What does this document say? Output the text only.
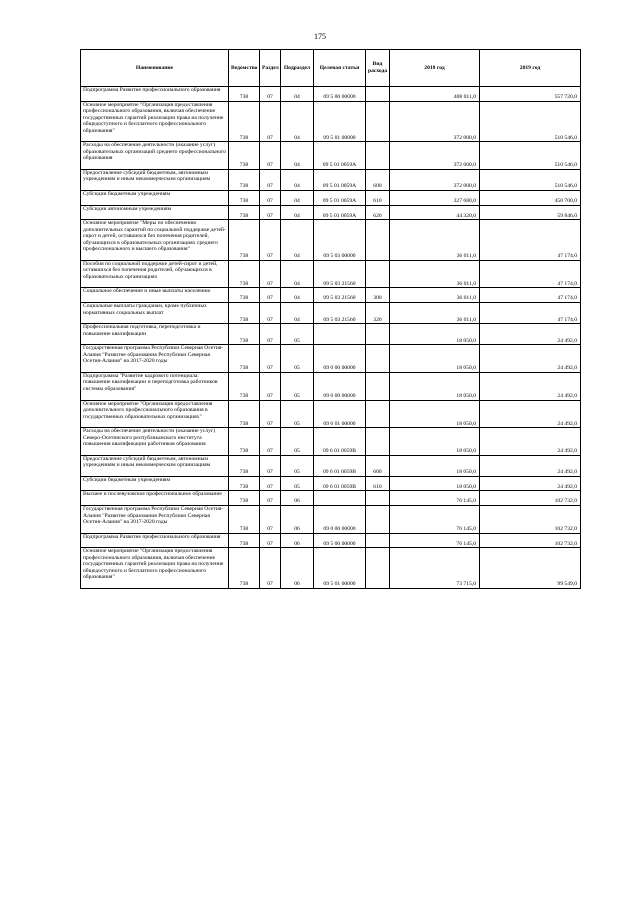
175
Наименование	Ведомство	Раздел	Подраздел	Целевая статья	Вид расхода	2018 год	2019 год
Подпрограмма Развитие профессионального образования	738	07	04	09 5 00 00000		408 011,0	557 720,0
Основное мероприятие "Организация предоставления профессионального образования, включая обеспечение государственных гарантий реализации права на получение общедоступного и бесплатного профессионального образования"	738	07	04	09 5 01 00000		372 000,0	510 546,0
Расходы на обеспечение деятельности (оказание услуг) образовательных организаций среднего профессионального образования	738	07	04	09 5 01 0059A		372 000,0	510 546,0
Предоставление субсидий бюджетным, автономным учреждениям и иным некоммерческим организациям	738	07	04	09 5 01 0059A	600	372 000,0	510 546,0
Субсидии бюджетным учреждениям	738	07	04	09 5 01 0059A	610	327 680,0	450 700,0
Субсидии автономным учреждениям	738	07	04	09 5 01 0059A	620	44 320,0	59 846,0
Основное мероприятие "Меры по обеспечению дополнительных гарантий по социальной поддержке детей-сирот и детей, оставшихся без попечения родителей, обучающихся в образовательных организациях среднего профессионального и высшего образования"	738	07	04	09 5 03 00000		36 011,0	47 174,0
Пособия по социальной поддержке детей-сирот и детей, оставшихся без попечения родителей, обучающихся в образовательных организациях	738	07	04	09 5 03 21560		36 011,0	47 174,0
Социальное обеспечение и иные выплаты населению	738	07	04	09 5 03 21560	300	36 011,0	47 174,0
Социальные выплаты гражданам, кроме публичных нормативных социальных выплат	738	07	04	09 5 03 21560	320	36 011,0	47 174,0
Профессиональная подготовка, переподготовка и повышение квалификации	738	07	05			18 050,0	24 492,0
Государственная программа Республики Северная Осетия-Алания "Развитие образования Республики Северная Осетия-Алания" на 2017-2020 годы	738	07	05	09 0 00 00000		18 050,0	24 492,0
Подпрограмма "Развитие кадрового потенциала: повышение квалификации и переподготовка работников системы образования"	738	07	05	09 6 00 00000		18 050,0	24 492,0
Основное мероприятие "Организация предоставления дополнительного профессионального образования в государственных образовательных организациях"	738	07	05	09 6 01 00000		18 050,0	24 492,0
Расходы на обеспечение деятельности (оказание услуг) Северо-Осетинского республиканского института повышения квалификации работников образования	738	07	05	09 6 01 0059B		18 050,0	24 492,0
Предоставление субсидий бюджетным, автономным учреждениям и иным некоммерческим организациям	738	07	05	09 6 01 0059B	600	18 050,0	24 492,0
Субсидии бюджетным учреждениям	738	07	05	09 6 01 0059B	610	18 050,0	24 492,0
Высшее и послевузовское профессиональное образование	738	07	06			76 145,0	102 732,0
Государственная программа Республики Северная Осетия-Алания "Развитие образования Республики Северная Осетия-Алания" на 2017-2020 годы	738	07	06	09 0 00 00000		76 145,0	102 732,0
Подпрограмма Развитие профессионального образования	738	07	06	09 5 00 00000		76 145,0	102 732,0
Основное мероприятие "Организация предоставления профессионального образования, включая обеспечение государственных гарантий реализации права на получение общедоступного и бесплатного профессионального образования"	738	07	06	09 5 01 00000		73 715,0	99 549,0
